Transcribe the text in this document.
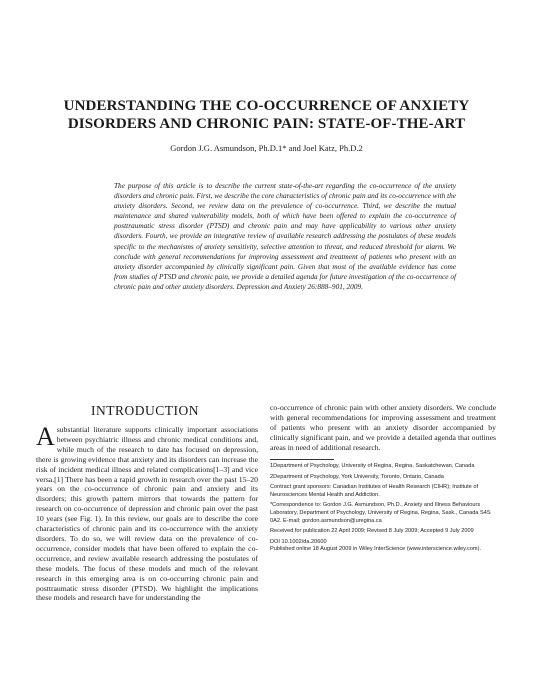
UNDERSTANDING THE CO-OCCURRENCE OF ANXIETY DISORDERS AND CHRONIC PAIN: STATE-OF-THE-ART
Gordon J.G. Asmundson, Ph.D.1* and Joel Katz, Ph.D.2

The purpose of this article is to describe the current state-of-the-art regarding the co-occurrence of the anxiety disorders and chronic pain. First, we describe the core characteristics of chronic pain and its co-occurrence with the anxiety disorders. Second, we review data on the prevalence of co-occurrence. Third, we describe the mutual maintenance and shared vulnerability models, both of which have been offered to explain the co-occurrence of posttraumatic stress disorder (PTSD) and chronic pain and may have applicability to various other anxiety disorders. Fourth, we provide an integrative review of available research addressing the postulates of these models specific to the mechanisms of anxiety sensitivity, selective attention to threat, and reduced threshold for alarm. We conclude with general recommendations for improving assessment and treatment of patients who present with an anxiety disorder accompanied by clinically significant pain. Given that most of the available evidence has come from studies of PTSD and chronic pain, we provide a detailed agenda for future investigation of the co-occurrence of chronic pain and other anxiety disorders. Depression and Anxiety 26:888–901, 2009.

INTRODUCTION

A substantial literature supports clinically important associations between psychiatric illness and chronic medical conditions and, while much of the research to date has focused on depression, there is growing evidence that anxiety and its disorders can increase the risk of incident medical illness and related complications[1–3] and vice versa.[1] There has been a rapid growth in research over the past 15–20 years on the co-occurrence of chronic pain and anxiety and its disorders; this growth pattern mirrors that towards the pattern for research on co-occurrence of depression and chronic pain over the past 10 years (see Fig. 1). In this review, our goals are to describe the core characteristics of chronic pain and its co-occurrence with the anxiety disorders. To do so, we will review data on the prevalence of co-occurrence, consider models that have been offered to explain the co-occurrence, and review available research addressing the postulates of these models. The focus of these models and much of the relevant research in this emerging area is on co-occurring chronic pain and posttraumatic stress disorder (PTSD). We highlight the implications these models and research have for understanding the

co-occurrence of chronic pain with other anxiety disorders. We conclude with general recommendations for improving assessment and treatment of patients who present with an anxiety disorder accompanied by clinically significant pain, and we provide a detailed agenda that outlines areas in need of additional research.

1Department of Psychology, University of Regina, Regina, Saskatchewan, Canada

2Department of Psychology, York University, Toronto, Ontario, Canada

Contract grant sponsors: Canadian Institutes of Health Research (CIHR); Institute of Neurosciences Mental Health and Addiction.

*Correspondence to: Gordon J.G. Asmundson, Ph.D., Anxiety and Illness Behaviours Laboratory, Department of Psychology, University of Regina, Regina, Sask., Canada S4S 0A2. E-mail: gordon.asmundson@uregina.ca

Received for publication 22 April 2009; Revised 8 July 2009; Accepted 9 July 2009

DOI 10.1002/da.20600

Published online 18 August 2009 in Wiley InterScience (www.interscience.wiley.com).
